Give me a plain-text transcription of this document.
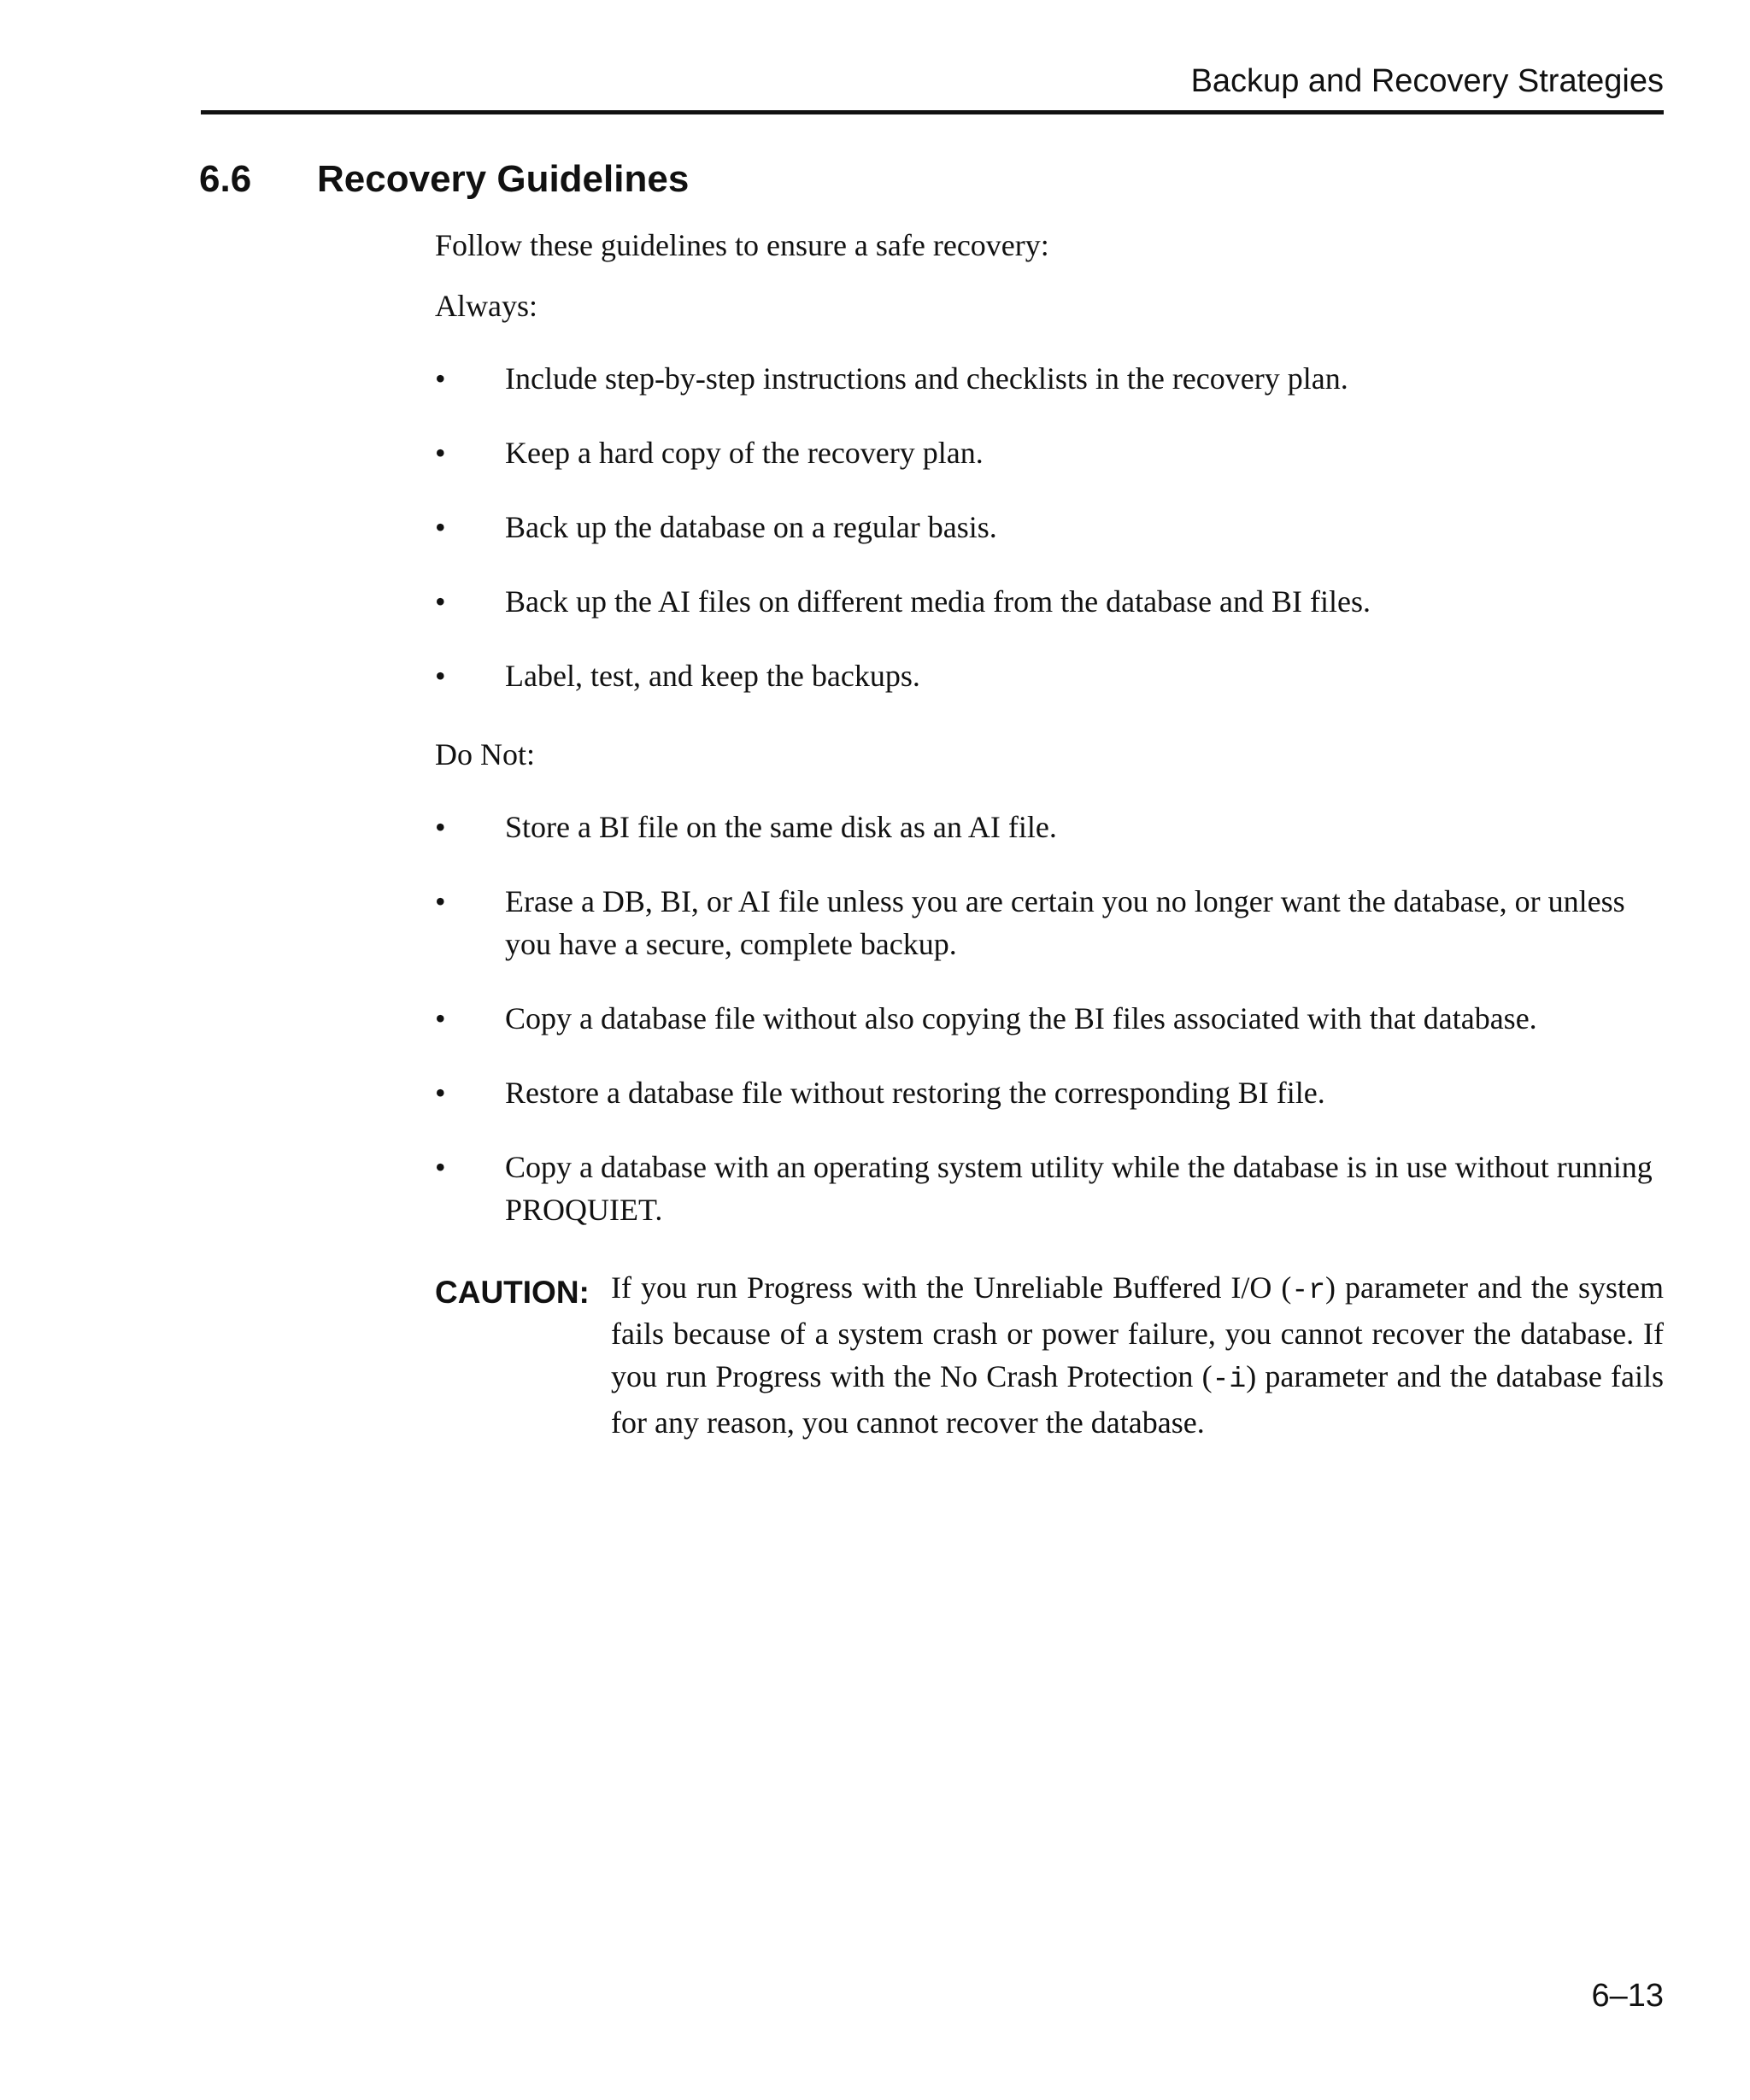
Backup and Recovery Strategies
6.6 Recovery Guidelines
Follow these guidelines to ensure a safe recovery:
Always:
• Include step-by-step instructions and checklists in the recovery plan.
• Keep a hard copy of the recovery plan.
• Back up the database on a regular basis.
• Back up the AI files on different media from the database and BI files.
• Label, test, and keep the backups.
Do Not:
• Store a BI file on the same disk as an AI file.
• Erase a DB, BI, or AI file unless you are certain you no longer want the database, or unless you have a secure, complete backup.
• Copy a database file without also copying the BI files associated with that database.
• Restore a database file without restoring the corresponding BI file.
• Copy a database with an operating system utility while the database is in use without running PROQUIET.
CAUTION: If you run Progress with the Unreliable Buffered I/O (-r) parameter and the system fails because of a system crash or power failure, you cannot recover the database. If you run Progress with the No Crash Protection (-i) parameter and the database fails for any reason, you cannot recover the database.
6–13
